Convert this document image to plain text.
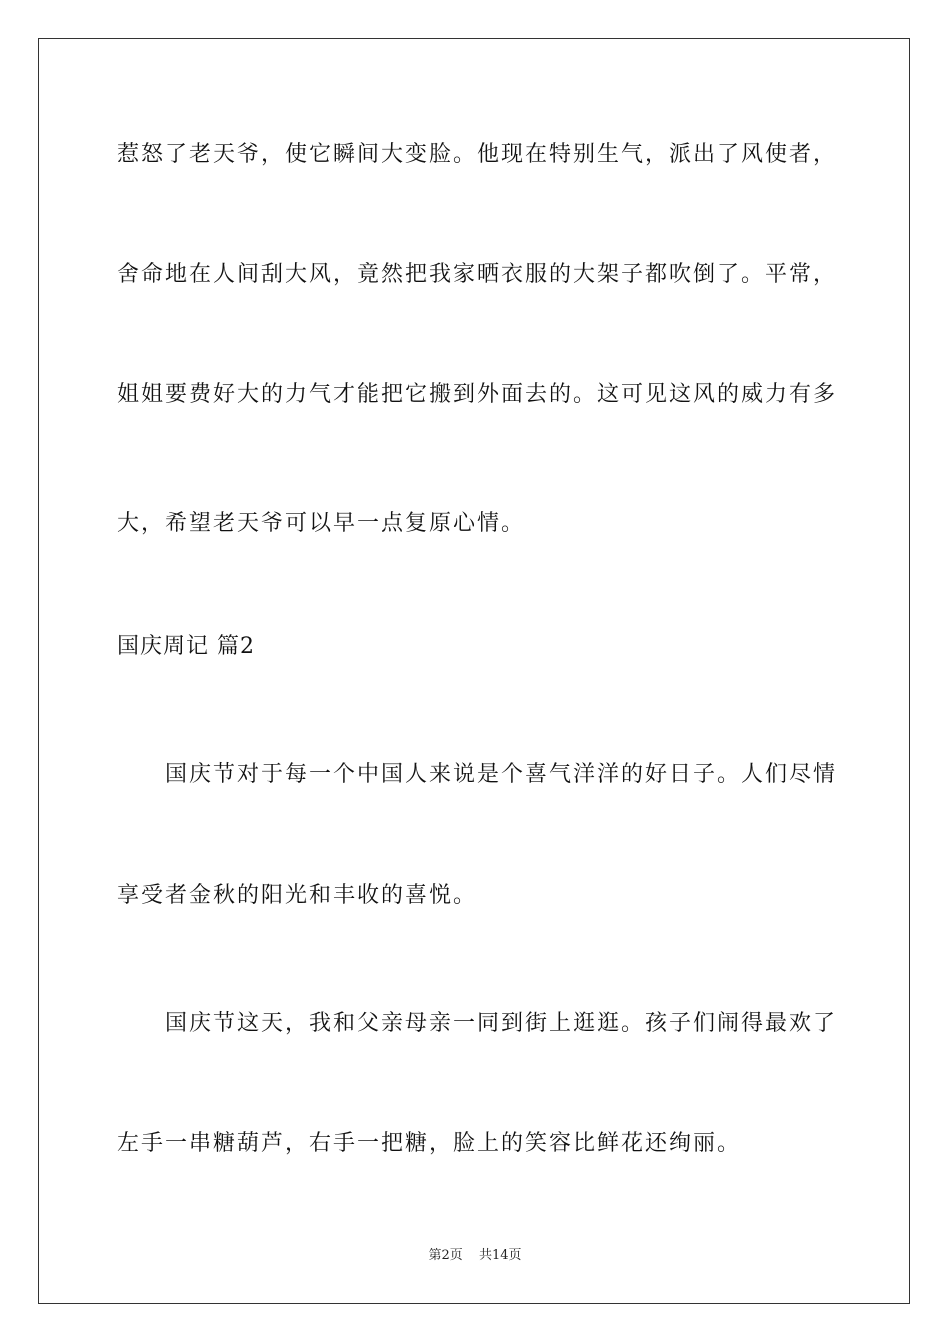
惹怒了老天爷，使它瞬间大变脸。他现在特别生气，派出了风使者，
舍命地在人间刮大风，竟然把我家晒衣服的大架子都吹倒了。平常，
姐姐要费好大的力气才能把它搬到外面去的。这可见这风的威力有多
大，希望老天爷可以早一点复原心情。
国庆周记 篇2
国庆节对于每一个中国人来说是个喜气洋洋的好日子。人们尽情
享受者金秋的阳光和丰收的喜悦。
国庆节这天，我和父亲母亲一同到街上逛逛。孩子们闹得最欢了
左手一串糖葫芦，右手一把糖，脸上的笑容比鲜花还绚丽。
第2页 共14页
